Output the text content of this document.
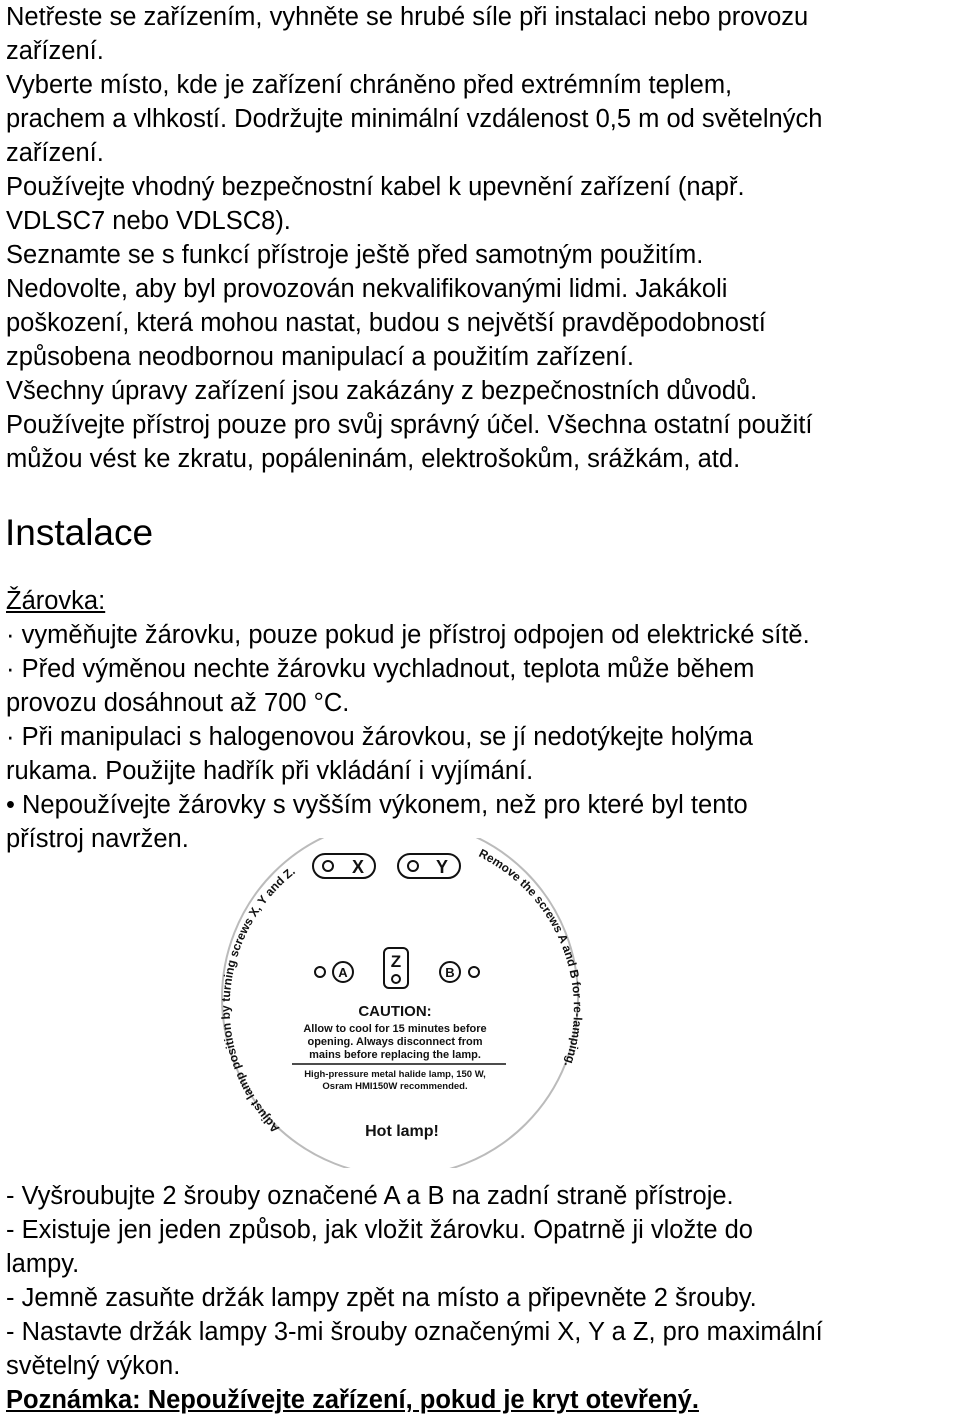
Netřeste se zařízením, vyhněte se hrubé síle při instalaci nebo provozu

zařízení.

Vyberte místo, kde je zařízení chráněno před extrémním teplem,

prachem a vlhkostí. Dodržujte minimální vzdálenost 0,5 m od světelných

zařízení.

Používejte vhodný bezpečnostní kabel k upevnění zařízení (např.

VDLSC7 nebo VDLSC8).

Seznamte se s funkcí přístroje ještě před samotným použitím.

Nedovolte, aby byl provozován nekvalifikovanými lidmi. Jakákoli

poškození, která mohou nastat, budou s největší pravděpodobností

způsobena neodbornou manipulací a použitím zařízení.

Všechny úpravy zařízení jsou zakázány z bezpečnostních důvodů.

Používejte přístroj pouze pro svůj správný účel. Všechna ostatní použití

můžou vést ke zkratu, popáleninám, elektrošokům, srážkám, atd.

Instalace

Žárovka:

· vyměňujte žárovku, pouze pokud je přístroj odpojen od elektrické sítě.

· Před výměnou nechte žárovku vychladnout, teplota může během

provozu dosáhnout až 700 °C.

· Při manipulaci s halogenovou žárovkou, se jí nedotýkejte holýma

rukama. Použijte hadřík při vkládání i vyjímání.

• Nepoužívejte žárovky s vyšším výkonem, než pro které byl tento

přístroj navržen.

Adjust lamp position by turning screws X, Y and Z.
Remove the screws A and B for re-lamping.
X	Y
Z
A	B
CAUTION:
Allow to cool for 15 minutes before
opening. Always disconnect from
mains before replacing the lamp.
High-pressure metal halide lamp, 150 W,
Osram HMI150W recommended.
Hot lamp!

- Vyšroubujte 2 šrouby označené A a B na zadní straně přístroje.

- Existuje jen jeden způsob, jak vložit žárovku. Opatrně ji vložte do

lampy.

- Jemně zasuňte držák lampy zpět na místo a připevněte 2 šrouby.

- Nastavte držák lampy 3-mi šrouby označenými X, Y a Z, pro maximální

světelný výkon.

Poznámka: Nepoužívejte zařízení, pokud je kryt otevřený.
